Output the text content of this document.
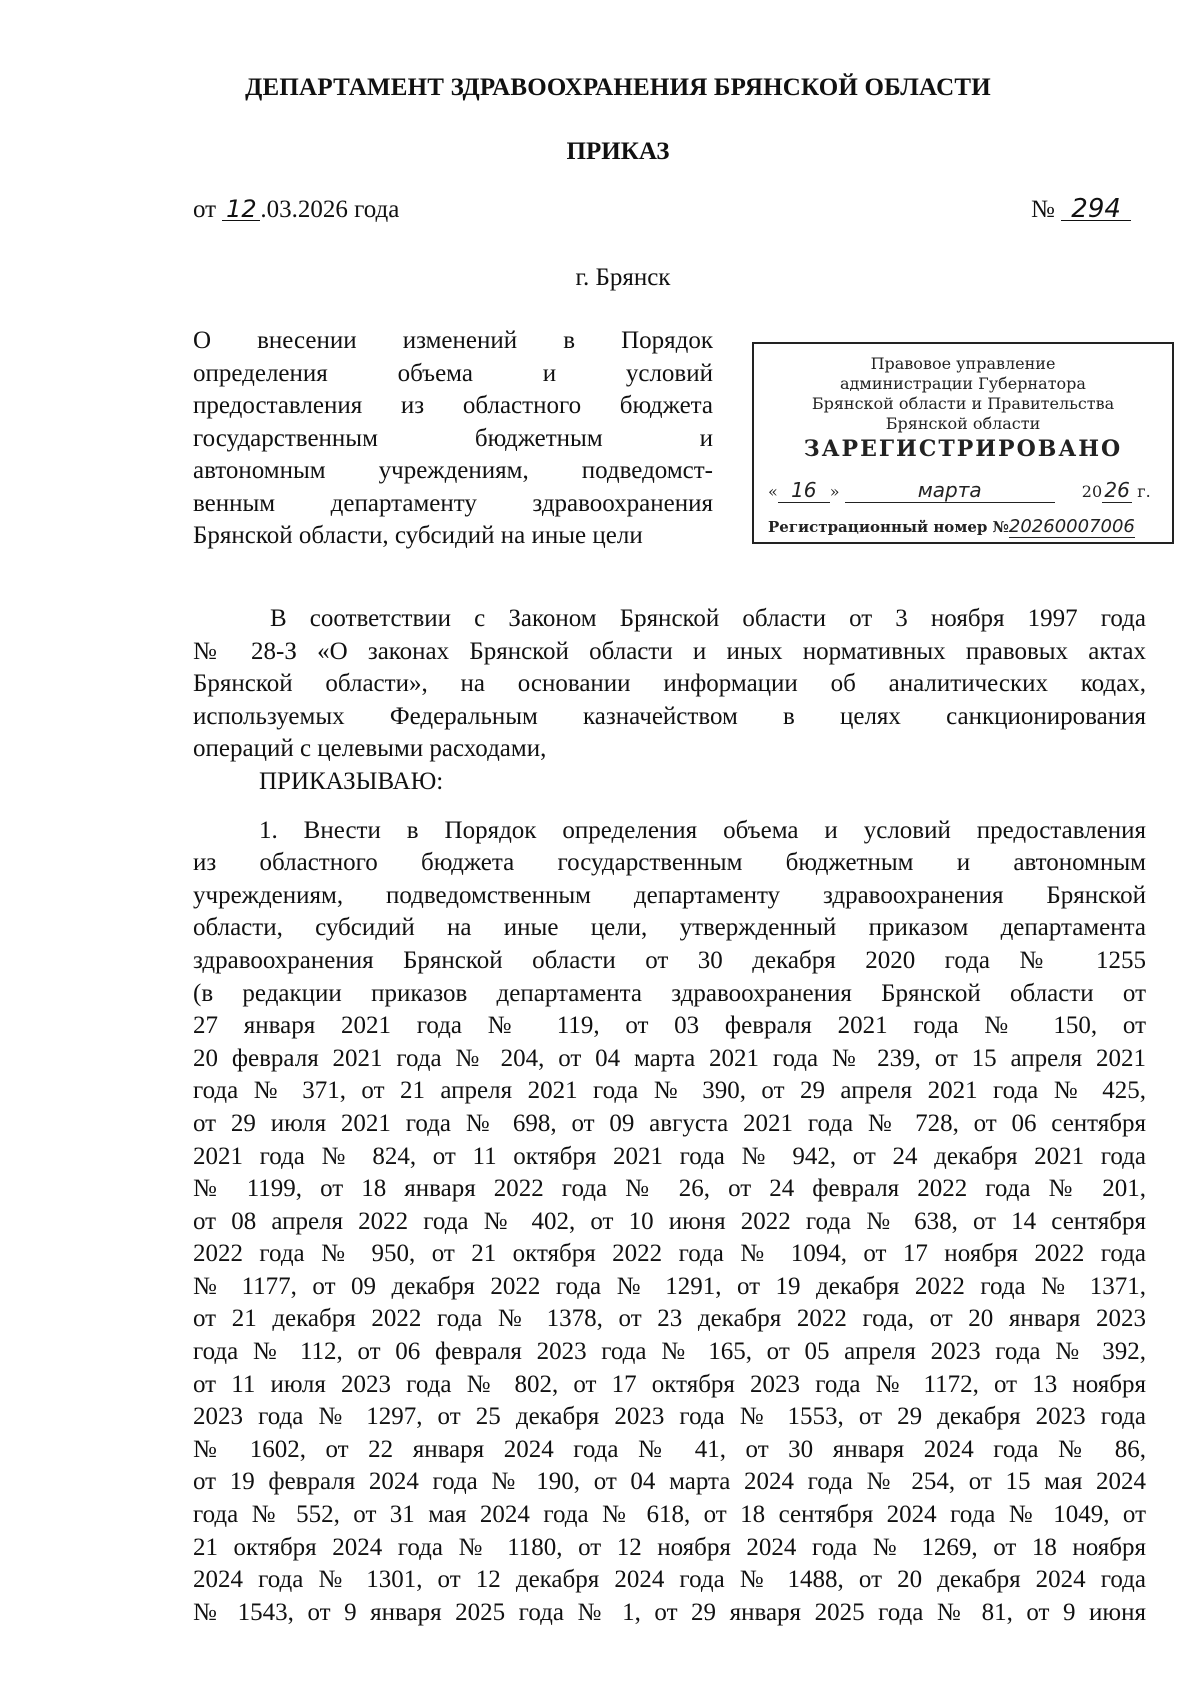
ДЕПАРТАМЕНТ ЗДРАВООХРАНЕНИЯ БРЯНСКОЙ ОБЛАСТИ
ПРИКАЗ
от 12 .03.2026 года	№ 294
г. Брянск
О внесении изменений в Порядок
определения объема и условий
предоставления из областного бюджета
государственным бюджетным и
автономным учреждениям, подведомст-
венным департаменту здравоохранения
Брянской области, субсидий на иные цели
Правовое управление
администрации Губернатора
Брянской области и Правительства
Брянской области
ЗАРЕГИСТРИРОВАНО
« 16 »	марта	20 26 г.
Регистрационный номер №20260007006
В соответствии с Законом Брянской области от 3 ноября 1997 года
№ 28-З «О законах Брянской области и иных нормативных правовых актах
Брянской области», на основании информации об аналитических кодах,
используемых Федеральным казначейством в целях санкционирования
операций с целевыми расходами,
ПРИКАЗЫВАЮ:
1. Внести в Порядок определения объема и условий предоставления
из областного бюджета государственным бюджетным и автономным
учреждениям, подведомственным департаменту здравоохранения Брянской
области, субсидий на иные цели, утвержденный приказом департамента
здравоохранения Брянской области от 30 декабря 2020 года № 1255
(в редакции приказов департамента здравоохранения Брянской области от
27 января 2021 года № 119, от 03 февраля 2021 года № 150, от
20 февраля 2021 года № 204, от 04 марта 2021 года № 239, от 15 апреля 2021
года № 371, от 21 апреля 2021 года № 390, от 29 апреля 2021 года № 425,
от 29 июля 2021 года № 698, от 09 августа 2021 года № 728, от 06 сентября
2021 года № 824, от 11 октября 2021 года № 942, от 24 декабря 2021 года
№ 1199, от 18 января 2022 года № 26, от 24 февраля 2022 года № 201,
от 08 апреля 2022 года № 402, от 10 июня 2022 года № 638, от 14 сентября
2022 года № 950, от 21 октября 2022 года № 1094, от 17 ноября 2022 года
№ 1177, от 09 декабря 2022 года № 1291, от 19 декабря 2022 года № 1371,
от 21 декабря 2022 года № 1378, от 23 декабря 2022 года, от 20 января 2023
года № 112, от 06 февраля 2023 года № 165, от 05 апреля 2023 года № 392,
от 11 июля 2023 года № 802, от 17 октября 2023 года № 1172, от 13 ноября
2023 года № 1297, от 25 декабря 2023 года № 1553, от 29 декабря 2023 года
№ 1602, от 22 января 2024 года № 41, от 30 января 2024 года № 86,
от 19 февраля 2024 года № 190, от 04 марта 2024 года № 254, от 15 мая 2024
года № 552, от 31 мая 2024 года № 618, от 18 сентября 2024 года № 1049, от
21 октября 2024 года № 1180, от 12 ноября 2024 года № 1269, от 18 ноября
2024 года № 1301, от 12 декабря 2024 года № 1488, от 20 декабря 2024 года
№ 1543, от 9 января 2025 года № 1, от 29 января 2025 года № 81, от 9 июня
